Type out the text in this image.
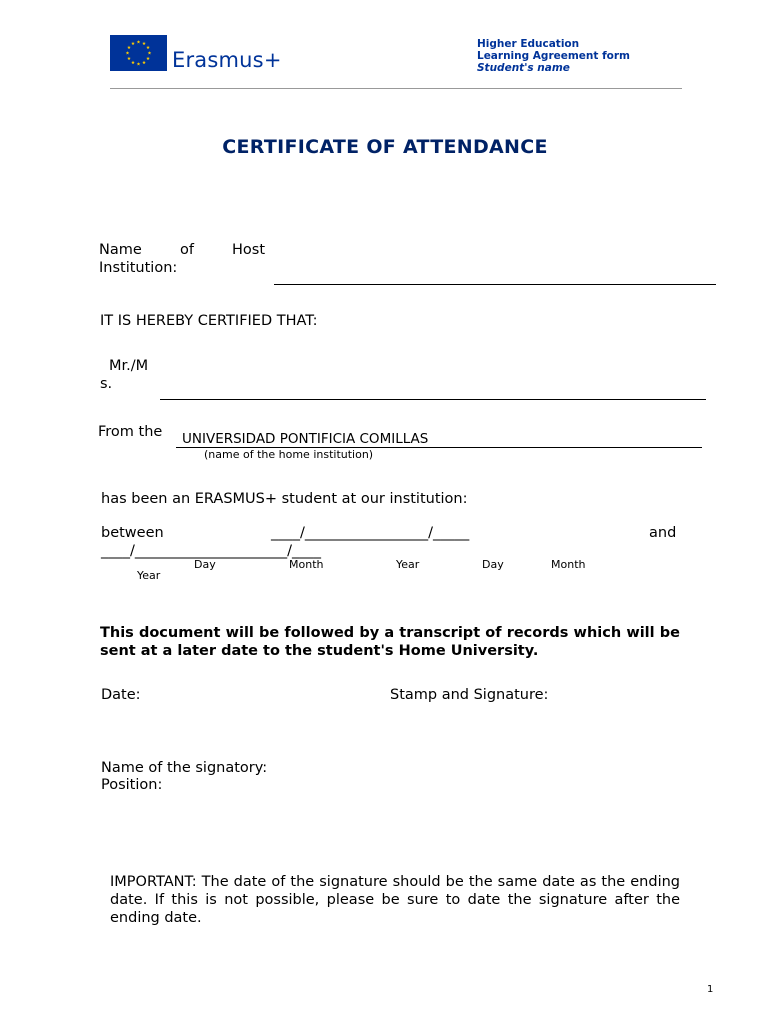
Erasmus+
Higher Education
Learning Agreement form
Student's name
CERTIFICATE OF ATTENDANCE
Name	of	Host
Institution:
IT IS HEREBY CERTIFIED THAT:
Mr./M
s.
From the UNIVERSIDAD PONTIFICIA COMILLAS
(name of the home institution)
has been an ERASMUS+ student at our institution:
between	____/_________________/_____	and
____/_____________________/____
Day	Month	Year	Day	Month
Year
This document will be followed by a transcript of records which will be sent at a later date to the student's Home University.
Date:	Stamp and Signature:
Name of the signatory:
Position:
IMPORTANT: The date of the signature should be the same date as the ending date. If this is not possible, please be sure to date the signature after the ending date.
1
